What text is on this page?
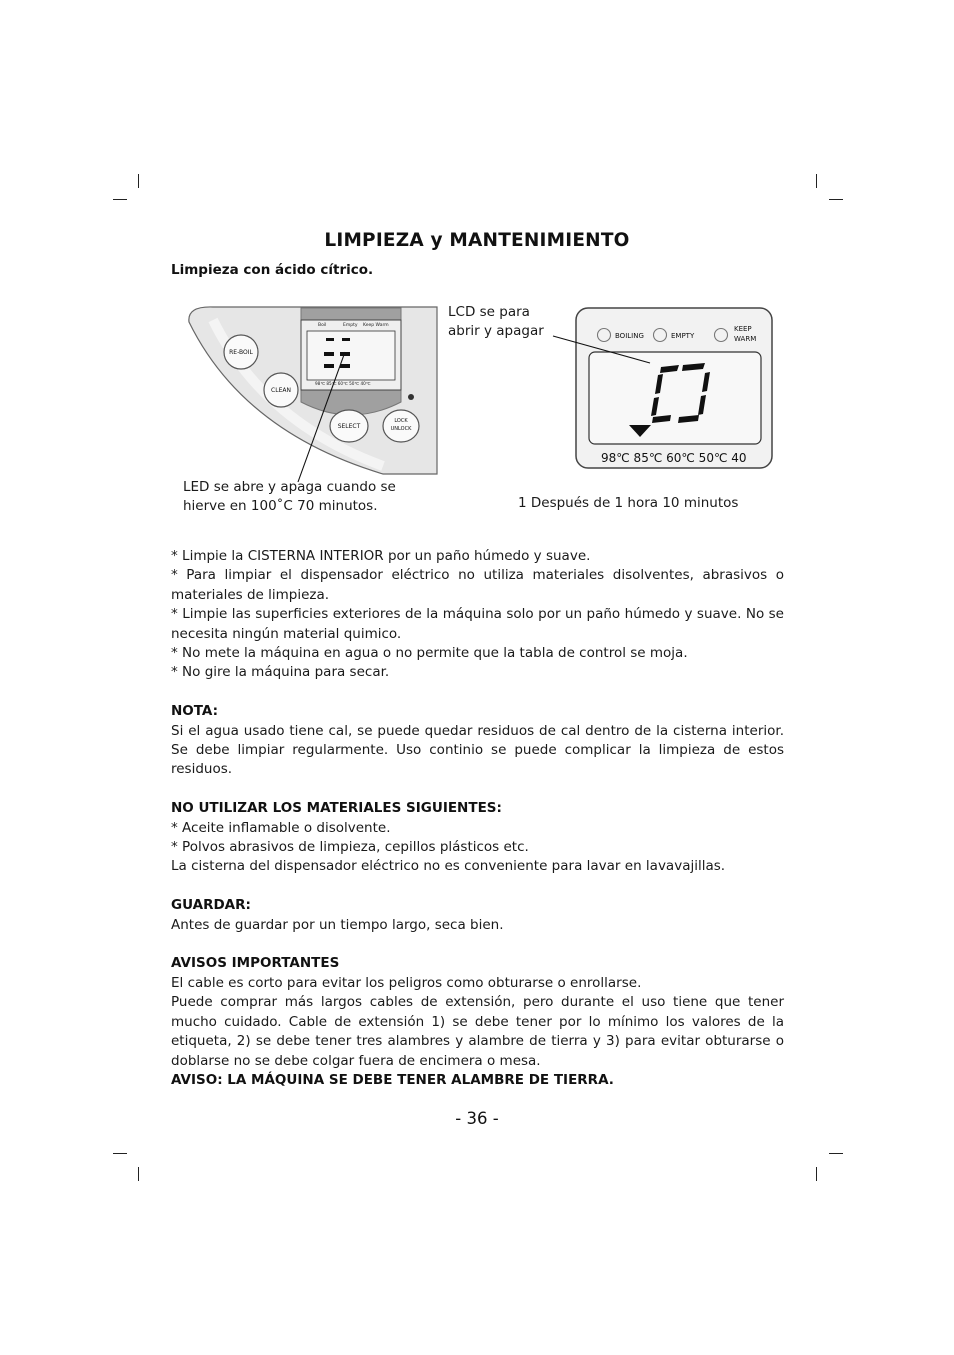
LIMPIEZA y MANTENIMIENTO
Limpieza con ácido cítrico.
Boil	Empty Keep Warm
98℃ 85℃ 60℃ 50℃ 40℃
RE-BOIL
CLEAN
SELECT
LOCK
UNLOCK
BOILING	EMPTY
KEEP
WARM
98℃ 85℃ 60℃ 50℃ 40
LCD se para
abrir y apagar
LED se abre y apaga cuando se
hierve en 100˚C 70 minutos.	1 Después de 1 hora 10 minutos

* Limpie la CISTERNA INTERIOR por un paño húmedo y suave.

* Para limpiar el dispensador eléctrico no utiliza materiales disolventes, abrasivos o materiales de limpieza.

* Limpie las superficies exteriores de la máquina solo por un paño húmedo y suave. No se necesita ningún material quimico.

* No mete la máquina en agua o no permite que la tabla de control se moja.

* No gire la máquina para secar.

NOTA:

Si el agua usado tiene cal, se puede quedar residuos de cal dentro de la cisterna interior. Se debe limpiar regularmente. Uso continio se puede complicar la limpieza de estos residuos.

NO UTILIZAR LOS MATERIALES SIGUIENTES:

* Aceite inflamable o disolvente.

* Polvos abrasivos de limpieza, cepillos plásticos etc.

La cisterna del dispensador eléctrico no es conveniente para lavar en lavavajillas.

GUARDAR:

Antes de guardar por un tiempo largo, seca bien.

AVISOS IMPORTANTES

El cable es corto para evitar los peligros como obturarse o enrollarse.

Puede comprar más largos cables de extensión, pero durante el uso tiene que tener mucho cuidado. Cable de extensión 1) se debe tener por lo mínimo los valores de la etiqueta, 2) se debe tener tres alambres y alambre de tierra y 3) para evitar obturarse o doblarse no se debe colgar fuera de encimera o mesa.

AVISO: LA MÁQUINA SE DEBE TENER ALAMBRE DE TIERRA.

- 36 -
